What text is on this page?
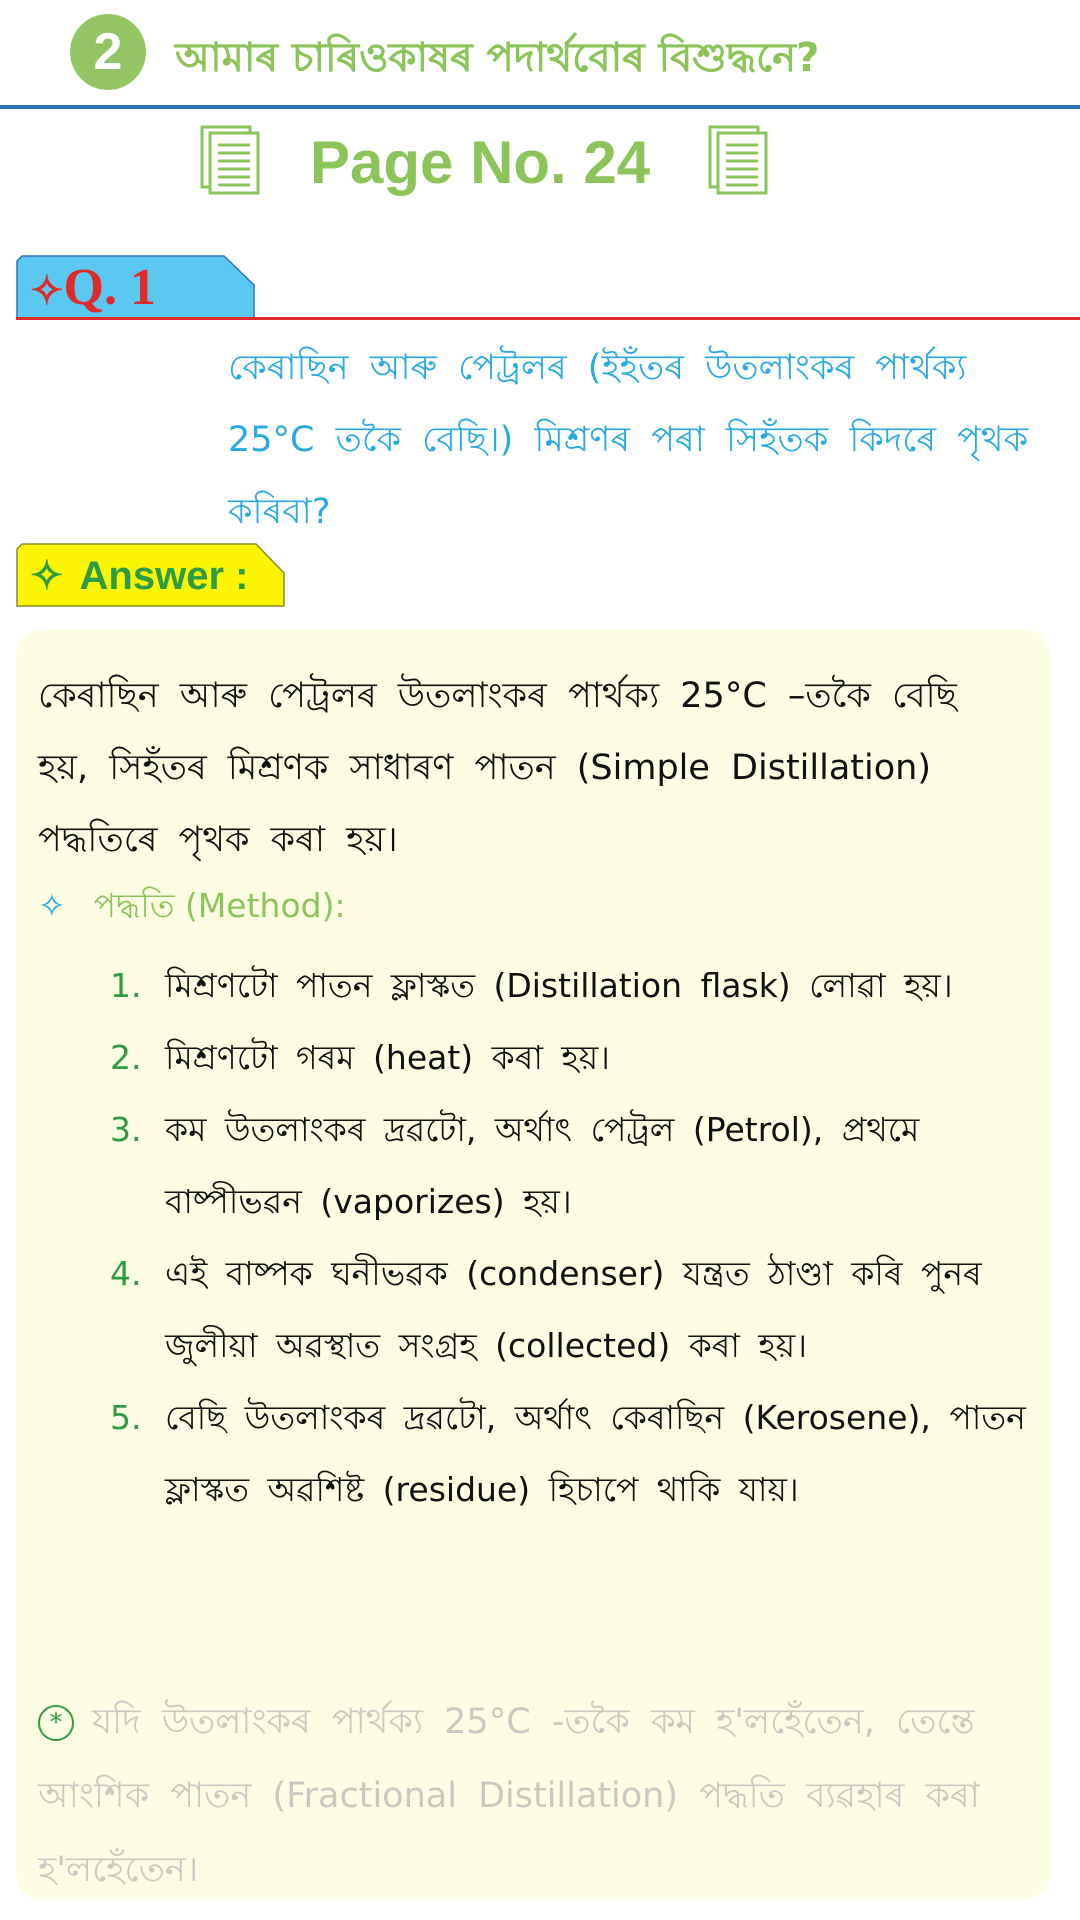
2	আমাৰ চাৰিওকাষৰ পদাৰ্থবোৰ বিশুদ্ধনে?
Page No. 24
✧Q. 1
কেৰাছিন আৰু পেট্ৰলৰ (ইহঁতৰ উতলাংকৰ পাৰ্থক্য 25°C তকৈ বেছি।) মিশ্ৰণৰ পৰা সিহঁতক কিদৰে পৃথক কৰিবা?
✧ Answer :
কেৰাছিন আৰু পেট্ৰলৰ উতলাংকৰ পাৰ্থক্য 25°C –তকৈ বেছি হয়, সিহঁতৰ মিশ্ৰণক সাধাৰণ পাতন (Simple Distillation) পদ্ধতিৰে পৃথক কৰা হয়।
✧ পদ্ধতি (Method):
1. মিশ্ৰণটো পাতন ফ্লাস্কত (Distillation flask) লোৱা হয়।
2. মিশ্ৰণটো গৰম (heat) কৰা হয়।
3. কম উতলাংকৰ দ্ৰৱটো, অৰ্থাৎ পেট্ৰল (Petrol), প্ৰথমে বাষ্পীভৱন (vaporizes) হয়।
4. এই বাষ্পক ঘনীভৱক (condenser) যন্ত্ৰত ঠাণ্ডা কৰি পুনৰ জুলীয়া অৱস্থাত সংগ্ৰহ (collected) কৰা হয়।
5. বেছি উতলাংকৰ দ্ৰৱটো, অৰ্থাৎ কেৰাছিন (Kerosene), পাতন ফ্লাস্কত অৱশিষ্ট (residue) হিচাপে থাকি যায়।
* যদি উতলাংকৰ পাৰ্থক্য 25°C -তকৈ কম হ'লহেঁতেন, তেন্তে আংশিক পাতন (Fractional Distillation) পদ্ধতি ব্যৱহাৰ কৰা হ'লহেঁতেন।
